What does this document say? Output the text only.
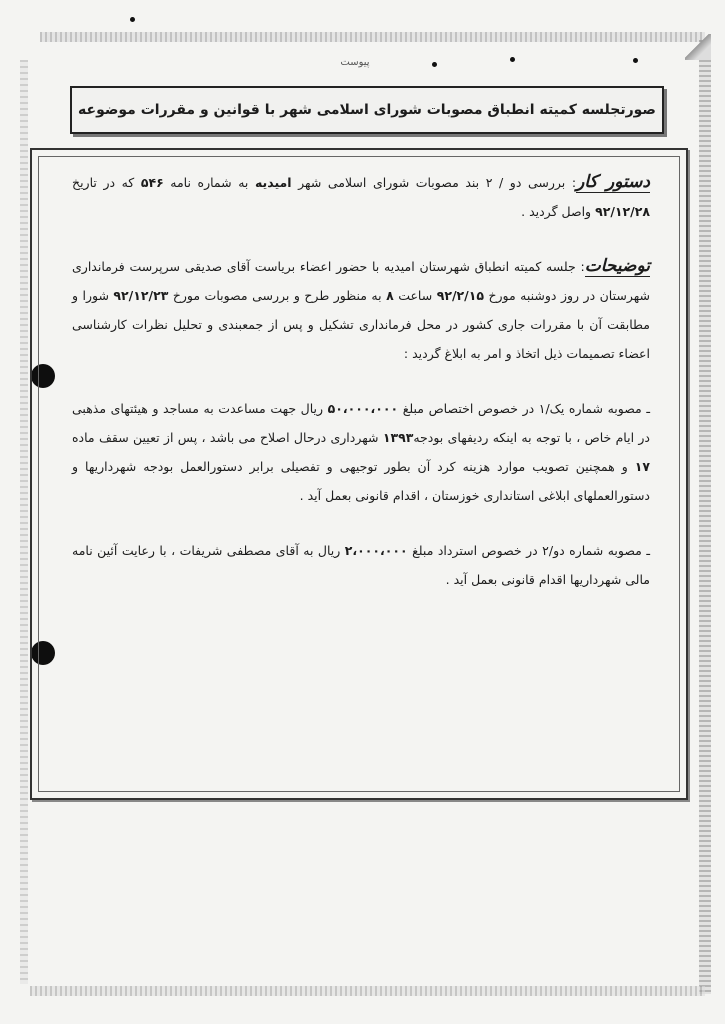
پیوست
صورتجلسه کمیته انطباق مصوبات شورای اسلامی شهر با قوانین و مقررات موضوعه

دستور کار: بررسی دو / ۲ بند مصوبات شورای اسلامی شهر امیدیه به شماره نامه ۵۴۶ که در تاریخ ۹۲/۱۲/۲۸ واصل گردید .

توضیحات: جلسه کمیته انطباق شهرستان امیدیه با حضور اعضاء بریاست آقای صدیقی سرپرست فرمانداری شهرستان در روز دوشنبه مورخ ۹۲/۲/۱۵ ساعت ۸ به منظور طرح و بررسی مصوبات مورخ ۹۲/۱۲/۲۳ شورا و مطابقت آن با مقررات جاری کشور در محل فرمانداری تشکیل و پس از جمعبندی و تحلیل نظرات کارشناسی اعضاء تصمیمات ذیل اتخاذ و امر به ابلاغ گردید :

ـ مصوبه شماره یک/۱ در خصوص اختصاص مبلغ ۵۰،۰۰۰،۰۰۰ ریال جهت مساعدت به مساجد و هیئتهای مذهبی در ایام خاص ، با توجه به اینکه ردیفهای بودجه۱۳۹۳ شهرداری درحال اصلاح می باشد ، پس از تعیین سقف ماده ۱۷ و همچنین تصویب موارد هزینه کرد آن بطور توجیهی و تفصیلی برابر دستورالعمل بودجه شهرداریها و دستورالعملهای ابلاغی استانداری خوزستان ، اقدام قانونی بعمل آید .

ـ مصوبه شماره دو/۲ در خصوص استرداد مبلغ ۲،۰۰۰،۰۰۰ ریال به آقای مصطفی شریفات ، با رعایت آئین نامه مالی شهرداریها اقدام قانونی بعمل آید .
